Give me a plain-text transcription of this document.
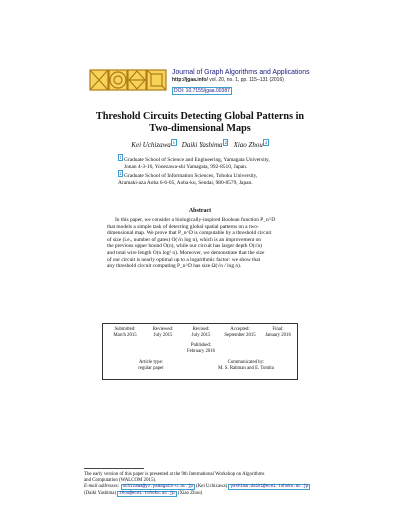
Journal of Graph Algorithms and Applications
http://jgaa.info/ vol. 20, no. 1, pp. 115–131 (2016)
DOI: 10.7155/jgaa.00387
Threshold Circuits Detecting Global Patterns in
Two-dimensional Maps
Kei Uchizawa $^1$ Daiki Yashima $^2$ Xiao Zhou $^2$
$^1$ Graduate School of Science and Engineering, Yamagata University,
Jonan 4-3-16, Yonezawa-shi Yamagata, 992-8510, Japan.
$^2$ Graduate School of Information Sciences, Tohoku University,
Aramaki-aza Aoba 6-6-05, Aoba-ku, Sendai, 980-8579, Japan.
Abstract
In this paper, we consider a biologically-inspired Boolean function P_n^D
that models a simple task of detecting global spatial patterns on a two-
dimensional map. We prove that P_n^D is computable by a threshold circuit
of size (i.e., number of gates) O(√n log n), which is an improvement on
the previous upper bound O(n), while our circuit has larger depth O(√n)
and total wire length O(n log² n). Moreover, we demonstrate that the size
of our circuit is nearly optimal up to a logarithmic factor: we show that
any threshold circuit computing P_n^D has size Ω(√n / log n).
Submitted:
March 2015
Reviewed:
July 2015
Revised:
July 2015
Accepted:
September 2015
Final:
January 2016
Published:
February 2016
Article type:
regular paper
Communicated by:
M. S. Rahman and E. Tomita
The early version of this paper is presented at the 9th International Workshop on Algorithms
and Computation (WALCOM 2015).
E-mail addresses: uchizawa@yz.yamagata-u.ac.jp (Kei Uchizawa) yashima.daiki@ecei.tohoku.ac.jp
(Daiki Yashima) zhou@ecei.tohoku.ac.jp (Xiao Zhou)
